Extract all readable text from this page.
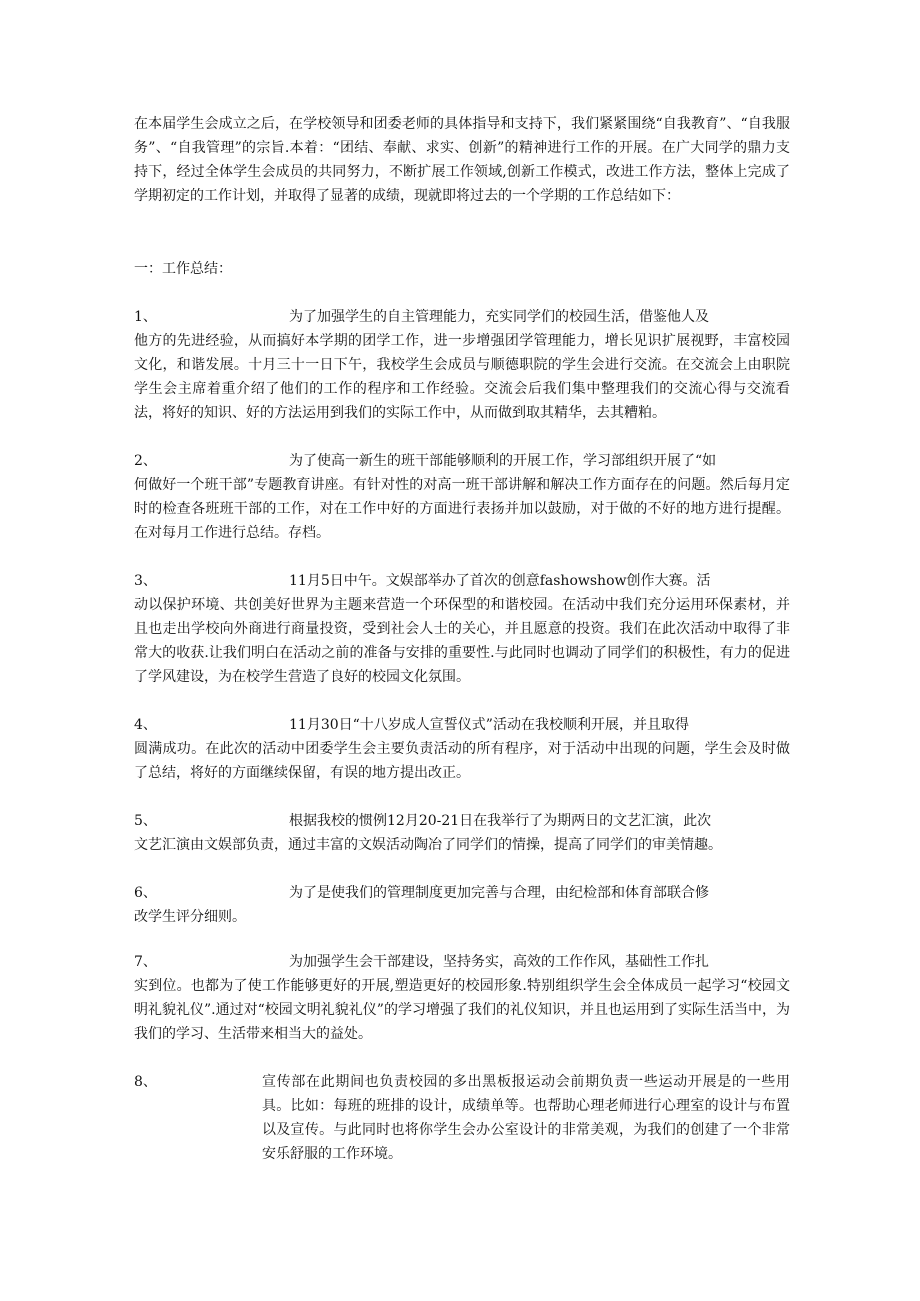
在本届学生会成立之后，在学校领导和团委老师的具体指导和支持下，我们紧紧围绕“自我教育”、“自我服务”、“自我管理”的宗旨.本着：“团结、奉献、求实、创新”的精神进行工作的开展。在广大同学的鼎力支持下，经过全体学生会成员的共同努力，不断扩展工作领域,创新工作模式，改进工作方法，整体上完成了学期初定的工作计划，并取得了显著的成绩，现就即将过去的一个学期的工作总结如下：

一：工作总结：
1、	为了加强学生的自主管理能力，充实同学们的校园生活，借鉴他人及
他方的先进经验，从而搞好本学期的团学工作，进一步增强团学管理能力，增长见识扩展视野，丰富校园文化，和谐发展。十月三十一日下午，我校学生会成员与顺德职院的学生会进行交流。在交流会上由职院学生会主席着重介绍了他们的工作的程序和工作经验。交流会后我们集中整理我们的交流心得与交流看法，将好的知识、好的方法运用到我们的实际工作中，从而做到取其精华，去其糟粕。
2、	为了使高一新生的班干部能够顺利的开展工作，学习部组织开展了“如
何做好一个班干部”专题教育讲座。有针对性的对高一班干部讲解和解决工作方面存在的问题。然后每月定时的检查各班班干部的工作，对在工作中好的方面进行表扬并加以鼓励，对于做的不好的地方进行提醒。在对每月工作进行总结。存档。
3、	11月5日中午。文娱部举办了首次的创意fashowshow创作大赛。活
动以保护环境、共创美好世界为主题来营造一个环保型的和谐校园。在活动中我们充分运用环保素材，并且也走出学校向外商进行商量投资，受到社会人士的关心，并且愿意的投资。我们在此次活动中取得了非常大的收获.让我们明白在活动之前的准备与安排的重要性.与此同时也调动了同学们的积极性，有力的促进了学风建设，为在校学生营造了良好的校园文化氛围。
4、	11月30日“十八岁成人宣誓仪式”活动在我校顺利开展，并且取得
圆满成功。在此次的活动中团委学生会主要负责活动的所有程序，对于活动中出现的问题，学生会及时做了总结，将好的方面继续保留，有误的地方提出改正。
5、	根据我校的惯例12月20-21日在我举行了为期两日的文艺汇演，此次
文艺汇演由文娱部负责，通过丰富的文娱活动陶冶了同学们的情操，提高了同学们的审美情趣。
6、	为了是使我们的管理制度更加完善与合理，由纪检部和体育部联合修
改学生评分细则。
7、	为加强学生会干部建设，坚持务实，高效的工作作风，基础性工作扎
实到位。也都为了使工作能够更好的开展,塑造更好的校园形象.特别组织学生会全体成员一起学习“校园文明礼貌礼仪”.通过对“校园文明礼貌礼仪”的学习增强了我们的礼仪知识，并且也运用到了实际生活当中，为我们的学习、生活带来相当大的益处。
8、	宣传部在此期间也负责校园的多出黑板报运动会前期负责一些运动开展是的一些用具。比如：每班的班排的设计，成绩单等。也帮助心理老师进行心理室的设计与布置以及宣传。与此同时也将你学生会办公室设计的非常美观，为我们的创建了一个非常安乐舒服的工作环境。
